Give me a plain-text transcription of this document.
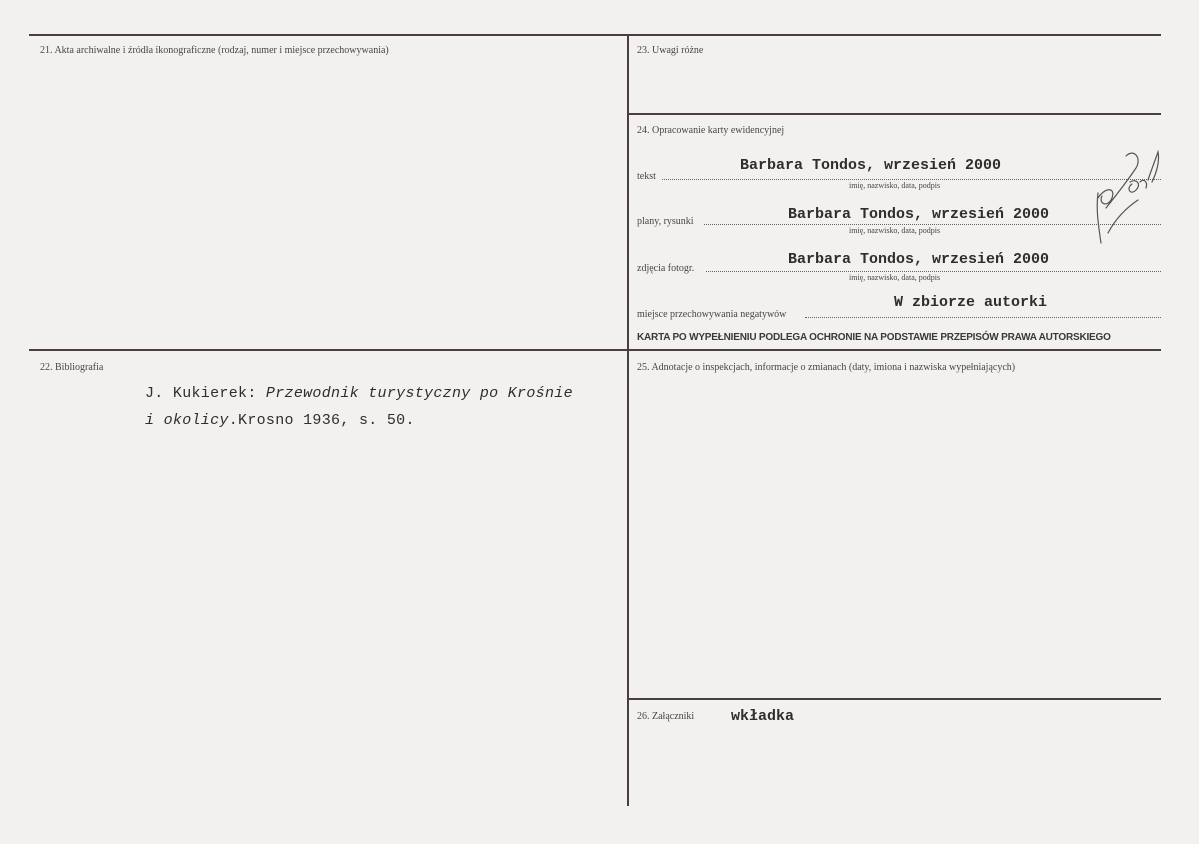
21. Akta archiwalne i źródła ikonograficzne (rodzaj, numer i miejsce przechowywania)
22. Bibliografia
J. Kukierek: Przewodnik turystyczny po Krośnie
i okolicy.Krosno 1936, s. 50.
23. Uwagi różne
24. Opracowanie karty ewidencyjnej
tekst
Barbara Tondos, wrzesień 2000
imię, nazwisko, data, podpis
plany, rysunki	Barbara Tondos, wrzesień 2000
imię, nazwisko, data, podpis
zdjęcia fotogr.
Barbara Tondos, wrzesień 2000
imię, nazwisko, data, podpis
miejsce przechowywania negatywów
W zbiorze autorki
KARTA PO WYPEŁNIENIU PODLEGA OCHRONIE NA PODSTAWIE PRZEPISÓW PRAWA AUTORSKIEGO
25. Adnotacje o inspekcjach, informacje o zmianach (daty, imiona i nazwiska wypełniających)
26. Załączniki wkładka
